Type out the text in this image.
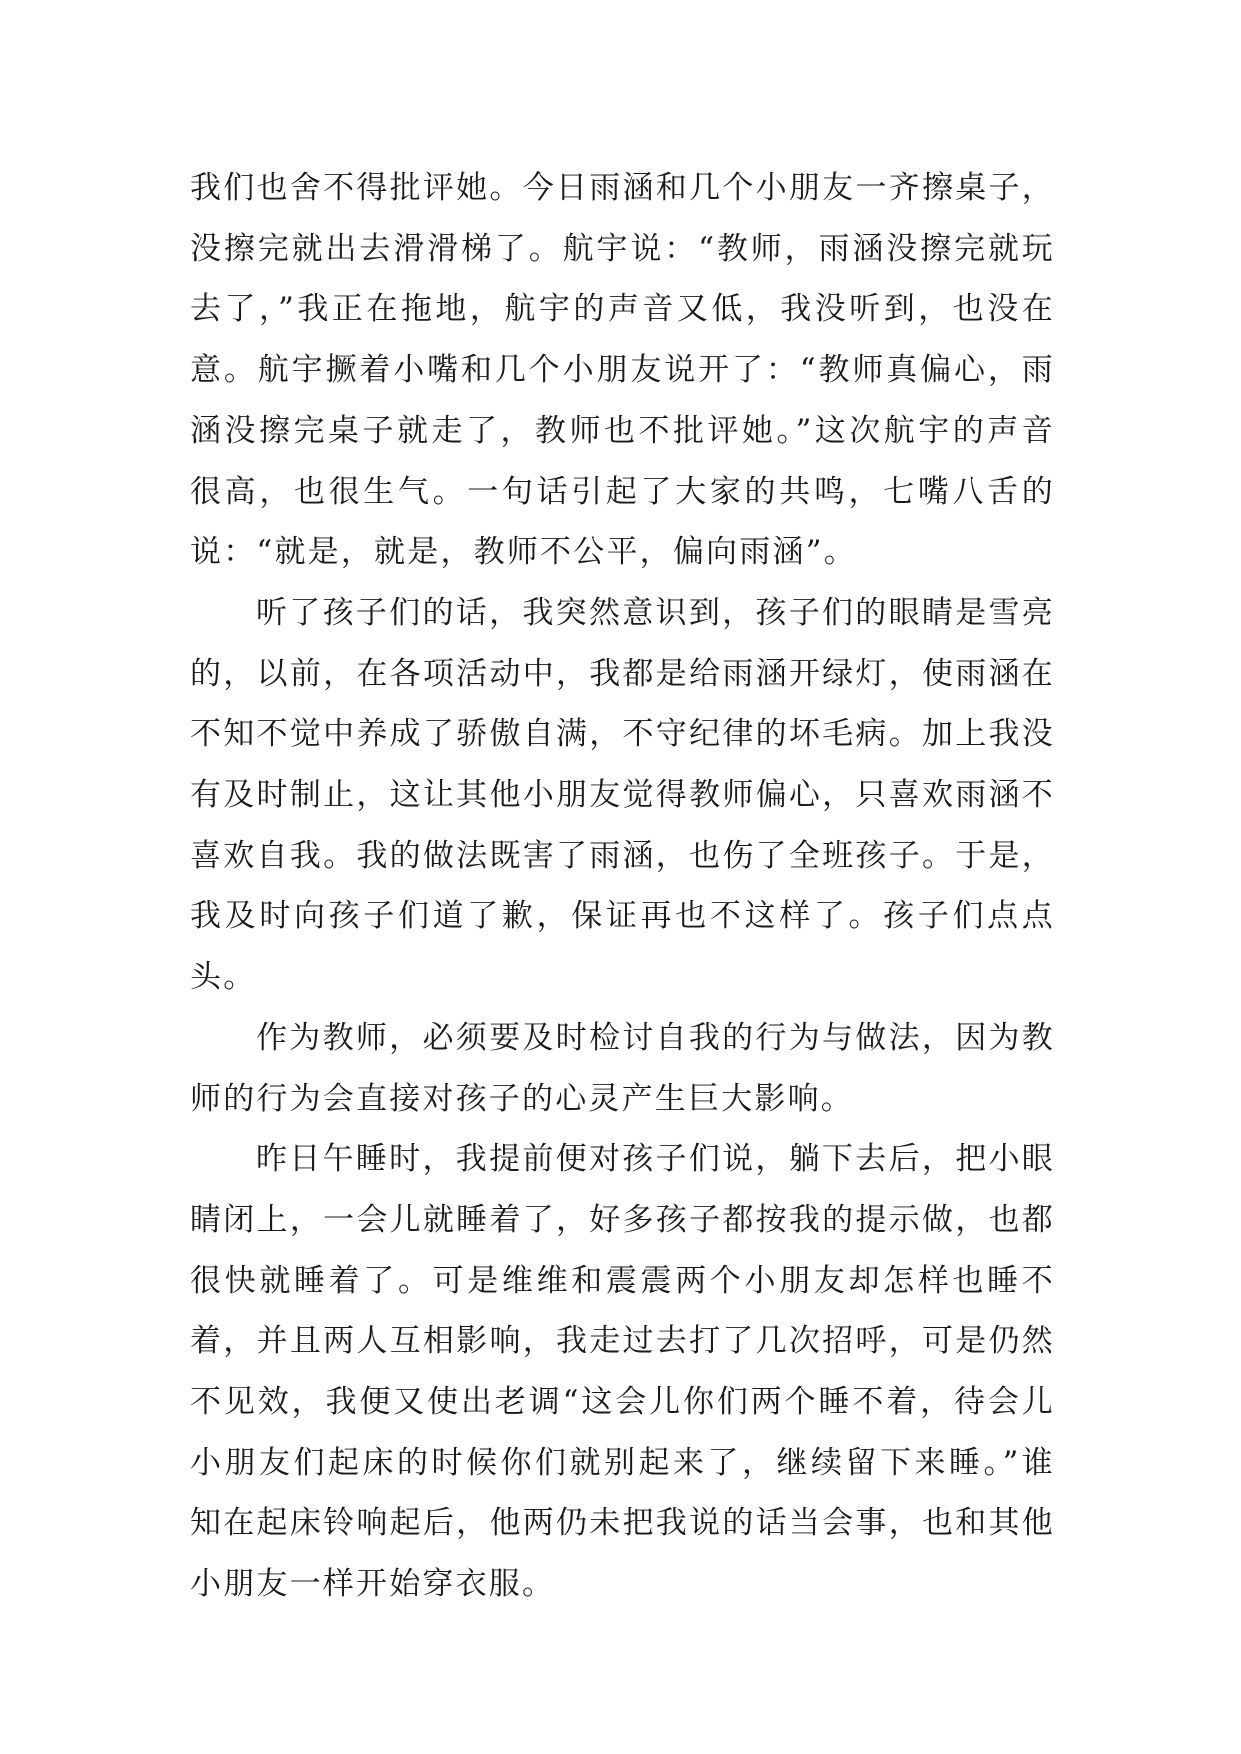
我们也舍不得批评她。今日雨涵和几个小朋友一齐擦桌子，没擦完就出去滑滑梯了。航宇说：“教师，雨涵没擦完就玩去了，”我正在拖地，航宇的声音又低，我没听到，也没在意。航宇撅着小嘴和几个小朋友说开了：“教师真偏心，雨涵没擦完桌子就走了，教师也不批评她。”这次航宇的声音很高，也很生气。一句话引起了大家的共鸣，七嘴八舌的说：“就是，就是，教师不公平，偏向雨涵”。

听了孩子们的话，我突然意识到，孩子们的眼睛是雪亮的，以前，在各项活动中，我都是给雨涵开绿灯，使雨涵在不知不觉中养成了骄傲自满，不守纪律的坏毛病。加上我没有及时制止，这让其他小朋友觉得教师偏心，只喜欢雨涵不喜欢自我。我的做法既害了雨涵，也伤了全班孩子。于是，我及时向孩子们道了歉，保证再也不这样了。孩子们点点头。

作为教师，必须要及时检讨自我的行为与做法，因为教师的行为会直接对孩子的心灵产生巨大影响。

昨日午睡时，我提前便对孩子们说，躺下去后，把小眼睛闭上，一会儿就睡着了，好多孩子都按我的提示做，也都很快就睡着了。可是维维和震震两个小朋友却怎样也睡不着，并且两人互相影响，我走过去打了几次招呼，可是仍然不见效，我便又使出老调“这会儿你们两个睡不着，待会儿小朋友们起床的时候你们就别起来了，继续留下来睡。”谁知在起床铃响起后，他两仍未把我说的话当会事，也和其他小朋友一样开始穿衣服。
